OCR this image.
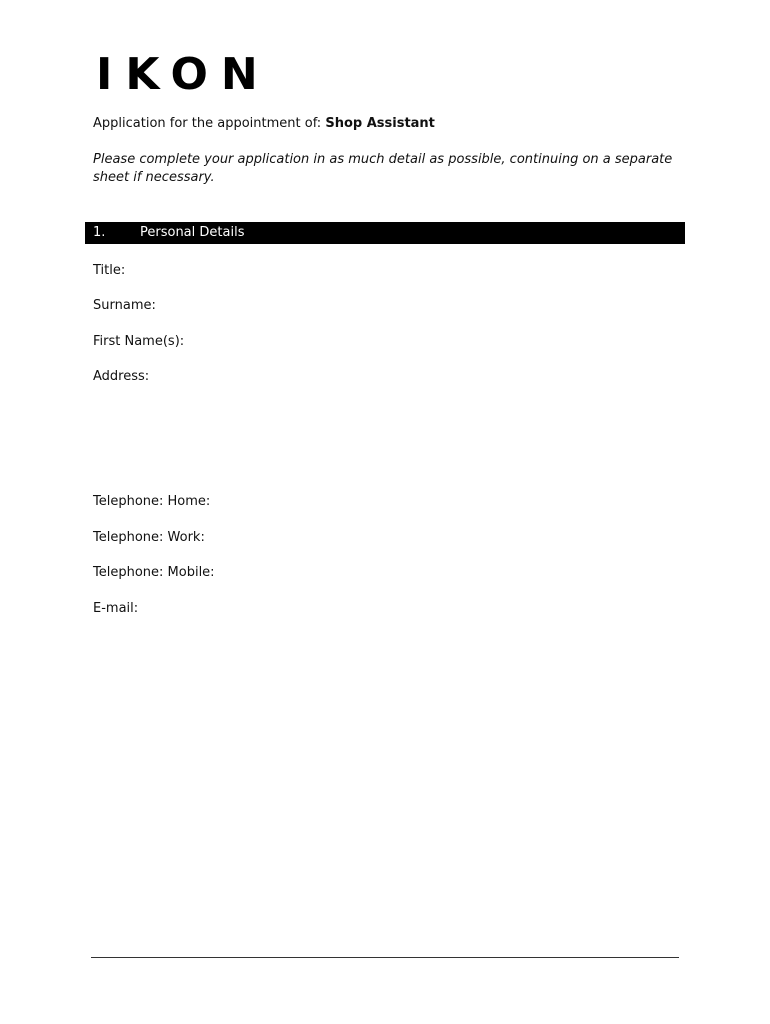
IKON
Application for the appointment of: Shop Assistant
Please complete your application in as much detail as possible, continuing on a separate sheet if necessary.
1.	Personal Details
Title:
Surname:
First Name(s):
Address:
Telephone: Home:
Telephone: Work:
Telephone: Mobile:
E-mail:
